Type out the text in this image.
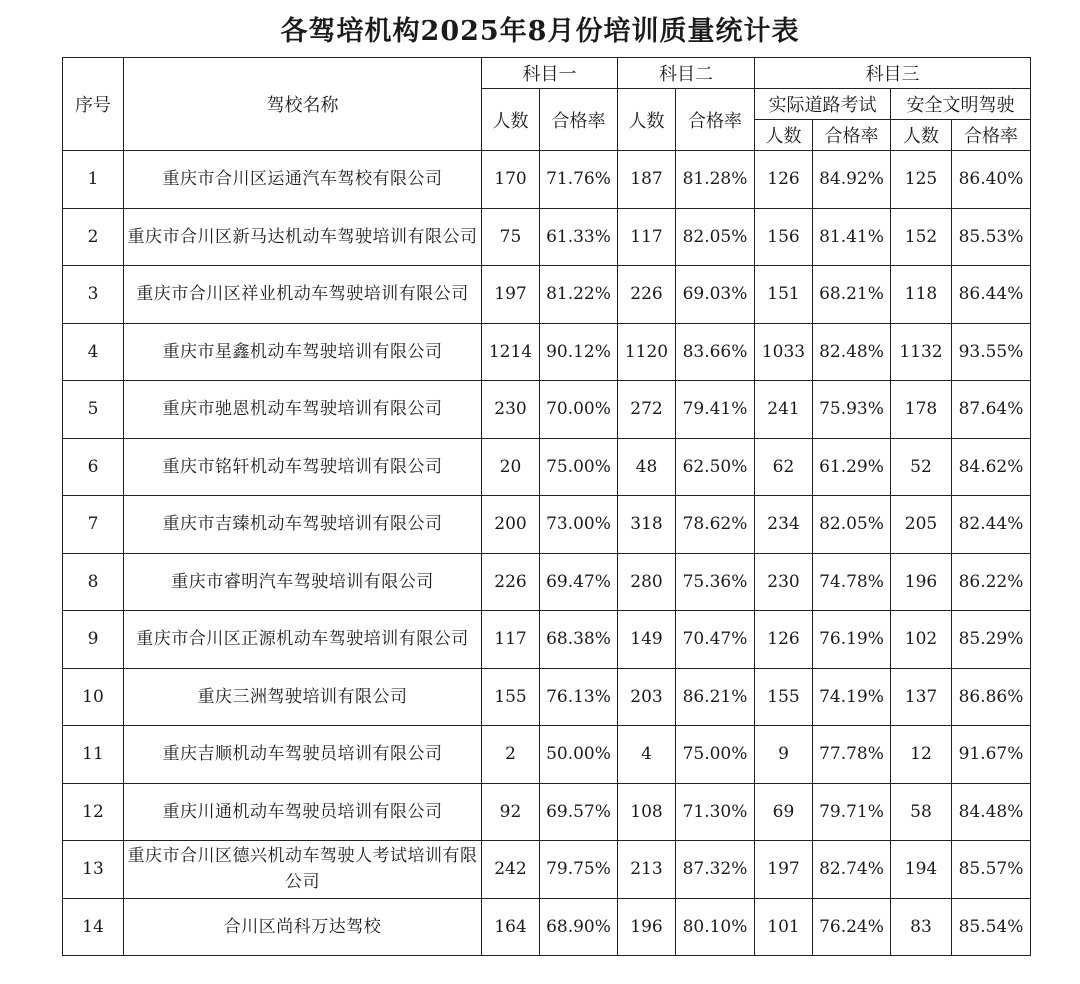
各驾培机构2025年8月份培训质量统计表
序号	驾校名称	科目一		科目二		科目三			
		人数	合格率	人数	合格率	实际道路考试		安全文明驾驶	
						人数	合格率	人数	合格率
1	重庆市合川区运通汽车驾校有限公司	170	71.76%	187	81.28%	126	84.92%	125	86.40%
2	重庆市合川区新马达机动车驾驶培训有限公司	75	61.33%	117	82.05%	156	81.41%	152	85.53%
3	重庆市合川区祥业机动车驾驶培训有限公司	197	81.22%	226	69.03%	151	68.21%	118	86.44%
4	重庆市星鑫机动车驾驶培训有限公司	1214	90.12%	1120	83.66%	1033	82.48%	1132	93.55%
5	重庆市驰恩机动车驾驶培训有限公司	230	70.00%	272	79.41%	241	75.93%	178	87.64%
6	重庆市铭轩机动车驾驶培训有限公司	20	75.00%	48	62.50%	62	61.29%	52	84.62%
7	重庆市吉臻机动车驾驶培训有限公司	200	73.00%	318	78.62%	234	82.05%	205	82.44%
8	重庆市睿明汽车驾驶培训有限公司	226	69.47%	280	75.36%	230	74.78%	196	86.22%
9	重庆市合川区正源机动车驾驶培训有限公司	117	68.38%	149	70.47%	126	76.19%	102	85.29%
10	重庆三洲驾驶培训有限公司	155	76.13%	203	86.21%	155	74.19%	137	86.86%
11	重庆吉顺机动车驾驶员培训有限公司	2	50.00%	4	75.00%	9	77.78%	12	91.67%
12	重庆川通机动车驾驶员培训有限公司	92	69.57%	108	71.30%	69	79.71%	58	84.48%
13	重庆市合川区德兴机动车驾驶人考试培训有限公司	242	79.75%	213	87.32%	197	82.74%	194	85.57%
14	合川区尚科万达驾校	164	68.90%	196	80.10%	101	76.24%	83	85.54%
